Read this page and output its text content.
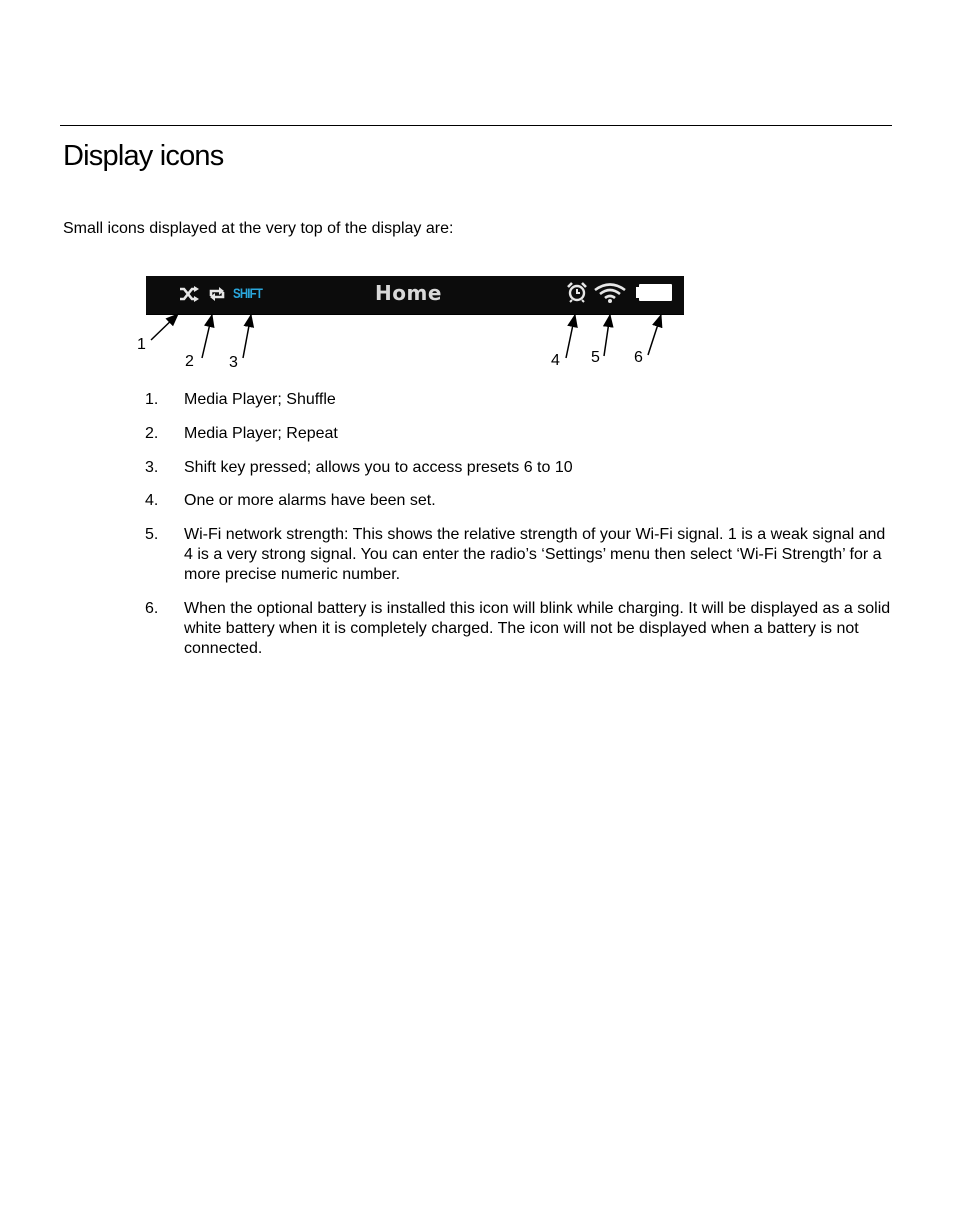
Display icons

Small icons displayed at the very top of the display are:

SHIFT	Home
1
2 3	4 5 6
1. Media Player; Shuffle
2. Media Player; Repeat
3. Shift key pressed; allows you to access presets 6 to 10
4. One or more alarms have been set.
5. Wi-Fi network strength: This shows the relative strength of your Wi-Fi signal. 1 is a weak signal and 4 is a very strong signal. You can enter the radio’s ‘Settings’ menu then select ‘Wi-Fi Strength’ for a more precise numeric number.
6. When the optional battery is installed this icon will blink while charging. It will be displayed as a solid white battery when it is completely charged. The icon will not be displayed when a battery is not connected.
